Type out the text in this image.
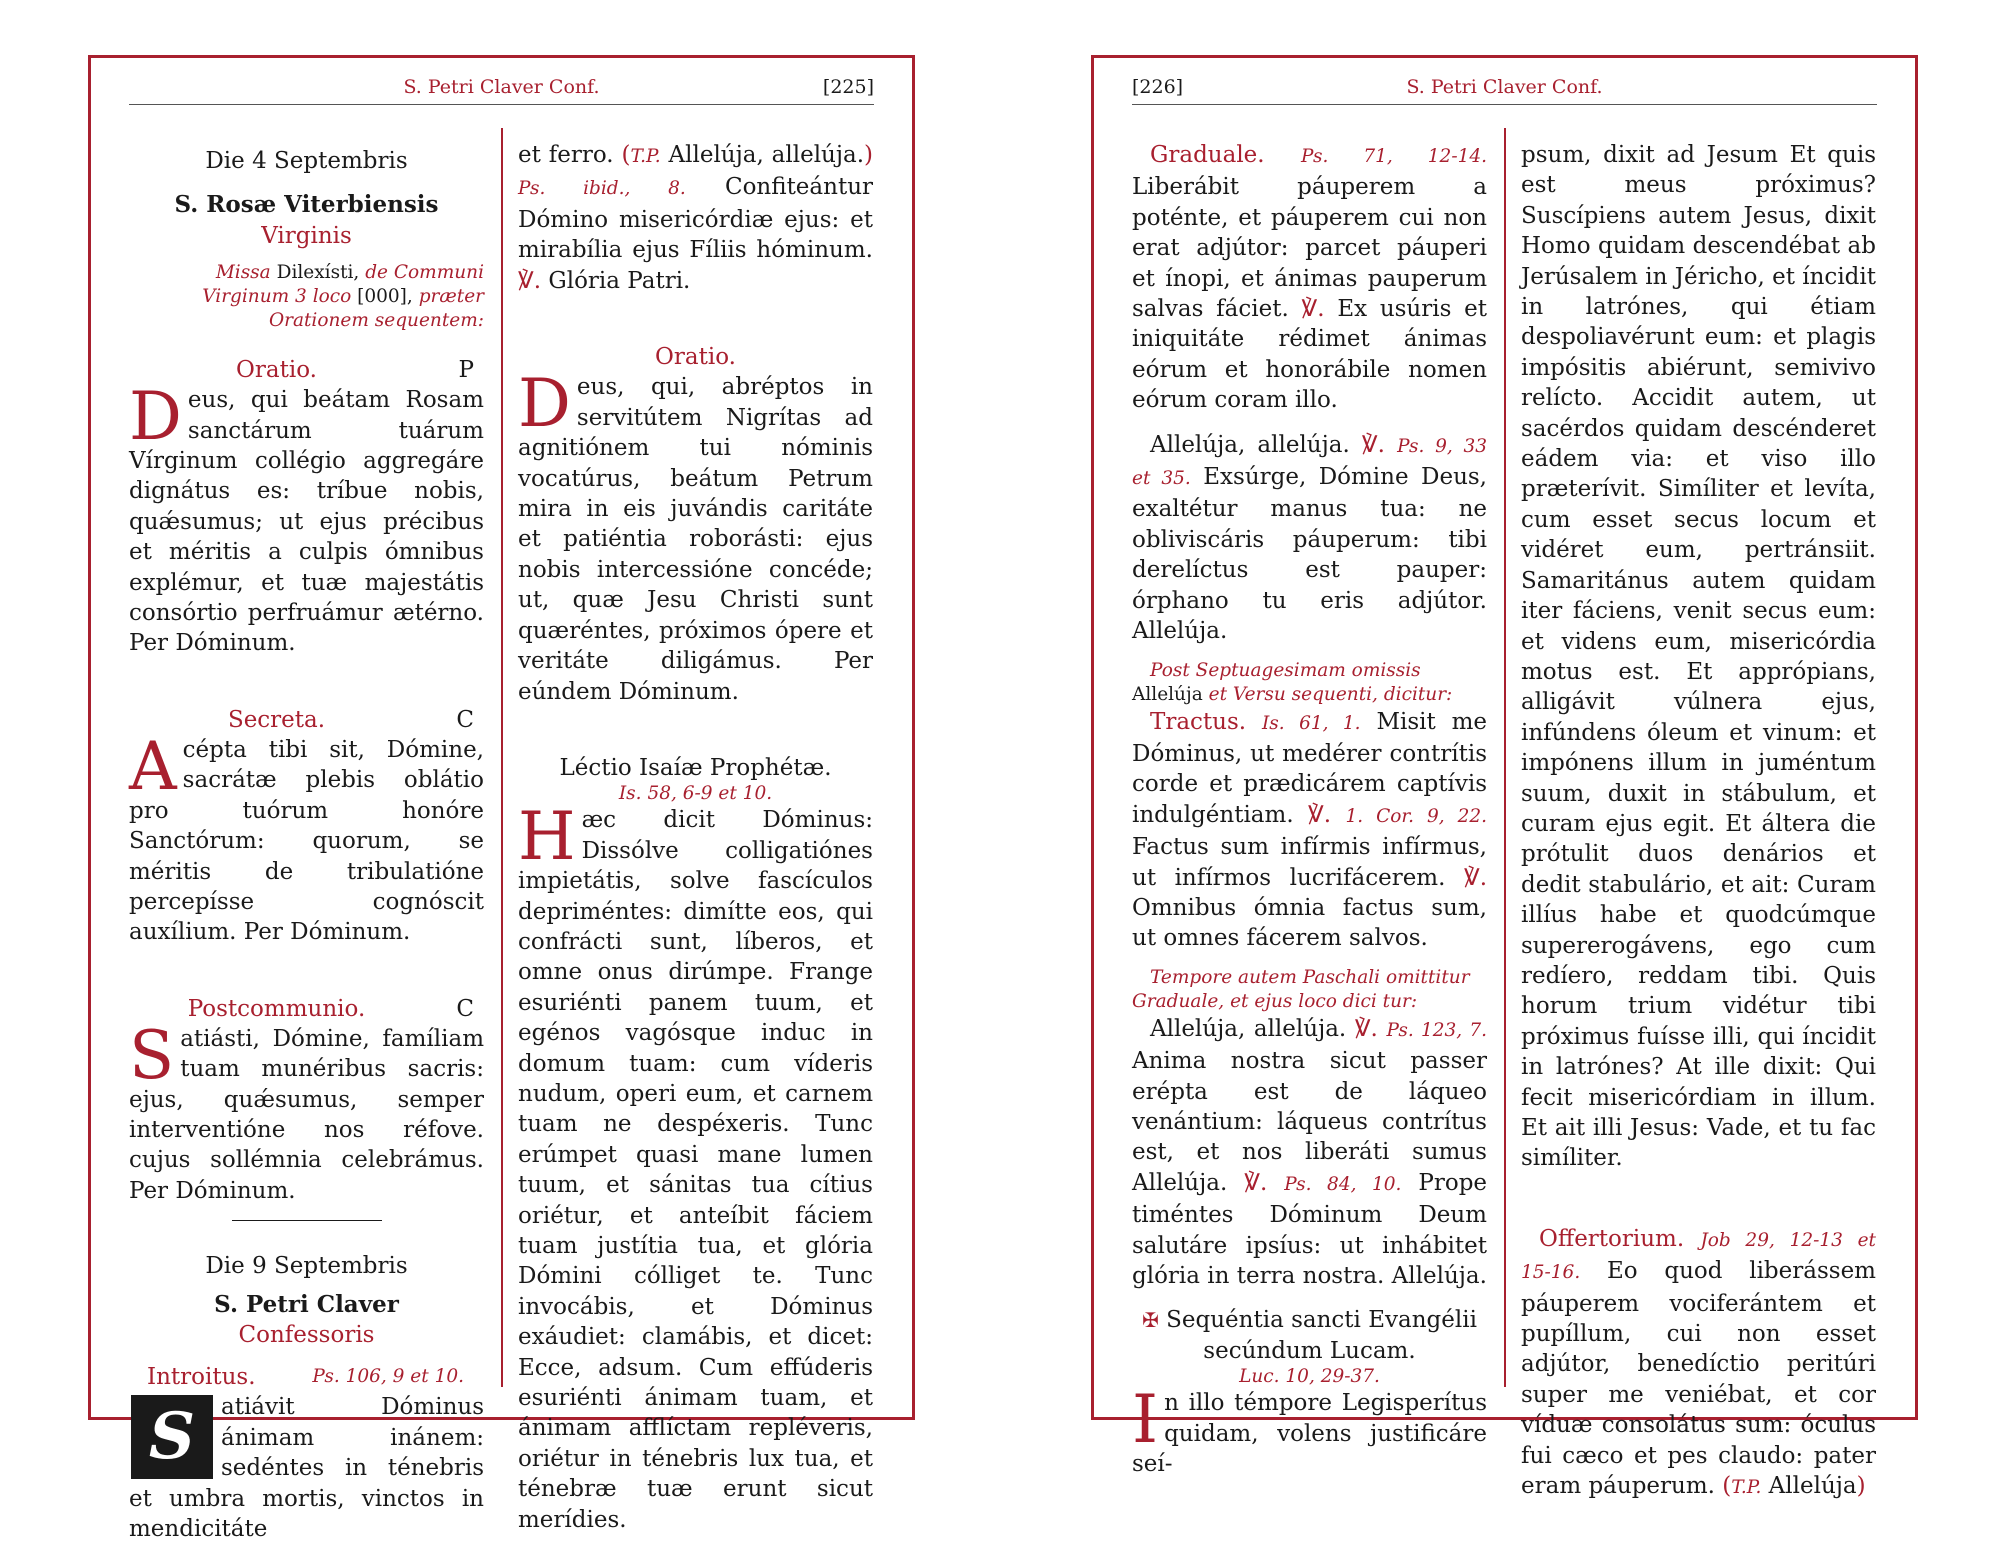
S. Petri Claver Conf.	[225]

Die 4 Septembris

S. Rosæ Viterbiensis

Virginis

Missa Dilexísti, de Communi Virginum 3 loco [000], præter Orationem sequentem:

Oratio.	P

Deus, qui beátam Rosam sanctárum tuárum Vírginum collégio aggregáre dignátus es: tríbue nobis, quǽsumus; ut ejus précibus et méritis a culpis ómnibus explémur, et tuæ majestátis consórtio perfruámur ætérno. Per Dóminum.

Secreta.	C

Acépta tibi sit, Dómine, sacrátæ plebis oblátio pro tuórum honóre Sanctórum: quorum, se méritis de tribulatióne percepísse cognóscit auxílium. Per Dóminum.

Postcommunio.	C

Satiásti, Dómine, famíliam tuam munéribus sacris: ejus, quǽsumus, semper interventióne nos réfove. cujus sollémnia celebrámus. Per Dóminum.

Die 9 Septembris

S. Petri Claver

Confessoris

Introitus.	Ps. 106, 9 et 10.

S	atiávit Dóminus ánimam inánem: sedéntes in ténebris et umbra mortis, vinctos in mendicitáte

et ferro. (T.P. Allelúja, allelúja.) Ps. ibid., 8. Confiteántur Dómino misericórdiæ ejus: et mirabília ejus Fíliis hóminum. ℣. Glória Patri.

Oratio.

Deus, qui, abréptos in servitútem Nigrítas ad agnitiónem tui nóminis vocatúrus, beátum Petrum mira in eis juvándis caritáte et patiéntia roborásti: ejus nobis intercessióne concéde; ut, quæ Jesu Christi sunt quæréntes, próximos ópere et veritáte diligámus. Per eúndem Dóminum.

Léctio Isaíæ Prophétæ.

Is. 58, 6-9 et 10.

Hæc dicit Dóminus: Dissólve colligatiónes impietátis, solve fascículos depriméntes: dimítte eos, qui confrácti sunt, líberos, et omne onus dirúmpe. Frange esuriénti panem tuum, et egénos vagósque induc in domum tuam: cum víderis nudum, operi eum, et carnem tuam ne despéxeris. Tunc erúmpet quasi mane lumen tuum, et sánitas tua cítius oriétur, et anteíbit fáciem tuam justítia tua, et glória Dómini cólliget te. Tunc invocábis, et Dóminus exáudiet: clamábis, et dicet: Ecce, adsum. Cum effúderis esuriénti ánimam tuam, et ánimam afflíctam repléveris, oriétur in ténebris lux tua, et ténebræ tuæ erunt sicut merídies.

S. Petri Claver Conf.
[226]

Graduale. Ps. 71, 12-14. Liberábit páuperem a poténte, et páuperem cui non erat adjútor: parcet páuperi et ínopi, et ánimas pauperum salvas fáciet. ℣. Ex usúris et iniquitáte rédimet ánimas eórum et honorábile nomen eórum coram illo.

Allelúja, allelúja. ℣. Ps. 9, 33 et 35. Exsúrge, Dómine Deus, exaltétur manus tua: ne obliviscáris páuperum: tibi derelíctus est pauper: órphano tu eris adjútor. Allelúja.

Post Septuagesimam omissis Allelúja et Versu sequenti, dicitur:

Tractus. Is. 61, 1. Misit me Dóminus, ut medérer contrítis corde et prædicárem captívis indulgéntiam. ℣. 1. Cor. 9, 22. Factus sum infírmis infírmus, ut infírmos lucrifácerem. ℣. Omnibus ómnia factus sum, ut omnes fácerem salvos.

Tempore autem Paschali omittitur Graduale, et ejus loco dici tur:

Allelúja, allelúja. ℣. Ps. 123, 7. Anima nostra sicut passer erépta est de láqueo venántium: láqueus contrítus est, et nos liberáti sumus Allelúja. ℣. Ps. 84, 10. Prope timéntes Dóminum Deum salutáre ipsíus: ut inhábitet glória in terra nostra. Allelúja.

✠ Sequéntia sancti Evangélii secúndum Lucam.

Luc. 10, 29-37.

In illo témpore Legisperítus quidam, volens justificáre seí-

psum, dixit ad Jesum Et quis est meus próximus? Suscípiens autem Jesus, dixit Homo quidam descendébat ab Jerúsalem in Jéricho, et íncidit in latrónes, qui étiam despoliavérunt eum: et plagis impósitis abiérunt, semivivo relícto. Accidit autem, ut sacérdos quidam descénderet eádem via: et viso illo præterívit. Simíliter et levíta, cum esset secus locum et vidéret eum, pertránsiit. Samaritánus autem quidam iter fáciens, venit secus eum: et videns eum, misericórdia motus est. Et apprópians, alligávit vúlnera ejus, infúndens óleum et vinum: et impónens illum in juméntum suum, duxit in stábulum, et curam ejus egit. Et áltera die prótulit duos denários et dedit stabulário, et ait: Curam illíus habe et quodcúmque supererogávens, ego cum redíero, reddam tibi. Quis horum trium vidétur tibi próximus fuísse illi, qui íncidit in latrónes? At ille dixit: Qui fecit misericórdiam in illum. Et ait illi Jesus: Vade, et tu fac simíliter.

Offertorium. Job 29, 12-13 et 15-16. Eo quod liberássem páuperem vociferántem et pupíllum, cui non esset adjútor, benedíctio peritúri super me veniébat, et cor víduæ consolátus sum: óculus fui cæco et pes claudo: pater eram páuperum. (T.P. Allelúja)
